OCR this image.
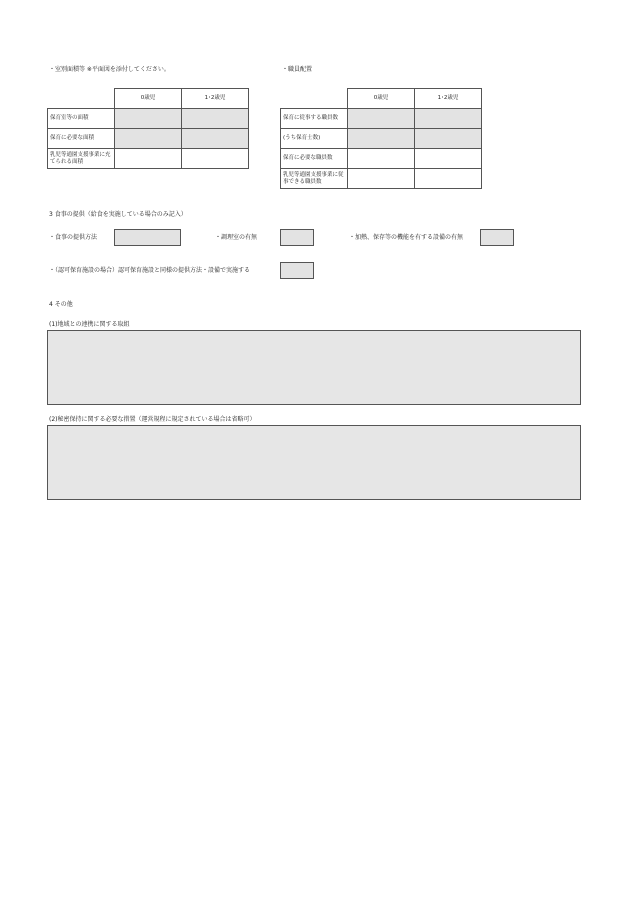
・室別面積等 ※平面図を添付してください。	・職員配置
	0歳児	1･2歳児
保育室等の面積		
保育に必要な面積		
乳児等通園支援事業に充てられる面積		
	0歳児	1･2歳児
保育に従事する職員数		
(うち保育士数)		
保育に必要な職員数		
乳児等通園支援事業に従事できる職員数		
3 食事の提供（給食を実施している場合のみ記入）
・食事の提供方法	・調理室の有無	・加熱、保存等の機能を有する設備の有無
・（認可保育施設の場合）認可保育施設と同様の提供方法・設備で実施する
4 その他
(1)地域との連携に関する取組
(2)秘密保持に関する必要な措置（運営規程に規定されている場合は省略可）
